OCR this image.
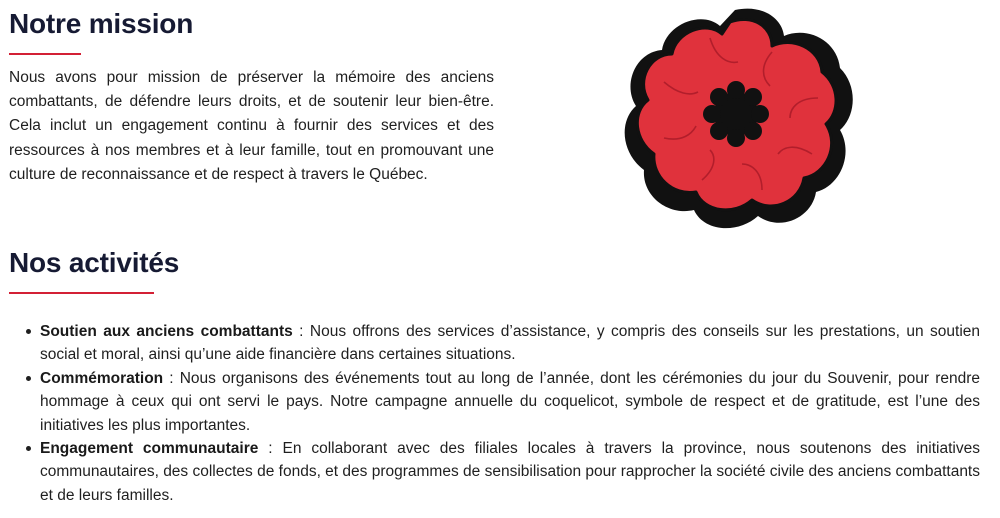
Notre mission

Nous avons pour mission de préserver la mémoire des anciens combattants, de défendre leurs droits, et de soutenir leur bien-être. Cela inclut un engagement continu à fournir des services et des ressources à nos membres et à leur famille, tout en promouvant une culture de reconnaissance et de respect à travers le Québec.

Nos activités
Soutien aux anciens combattants : Nous offrons des services d’assistance, y compris des conseils sur les prestations, un soutien social et moral, ainsi qu’une aide financière dans certaines situations.
Commémoration : Nous organisons des événements tout au long de l’année, dont les cérémonies du jour du Souvenir, pour rendre hommage à ceux qui ont servi le pays. Notre campagne annuelle du coquelicot, symbole de respect et de gratitude, est l’une des initiatives les plus importantes.
Engagement communautaire : En collaborant avec des filiales locales à travers la province, nous soutenons des initiatives communautaires, des collectes de fonds, et des programmes de sensibilisation pour rapprocher la société civile des anciens combattants et de leurs familles.
